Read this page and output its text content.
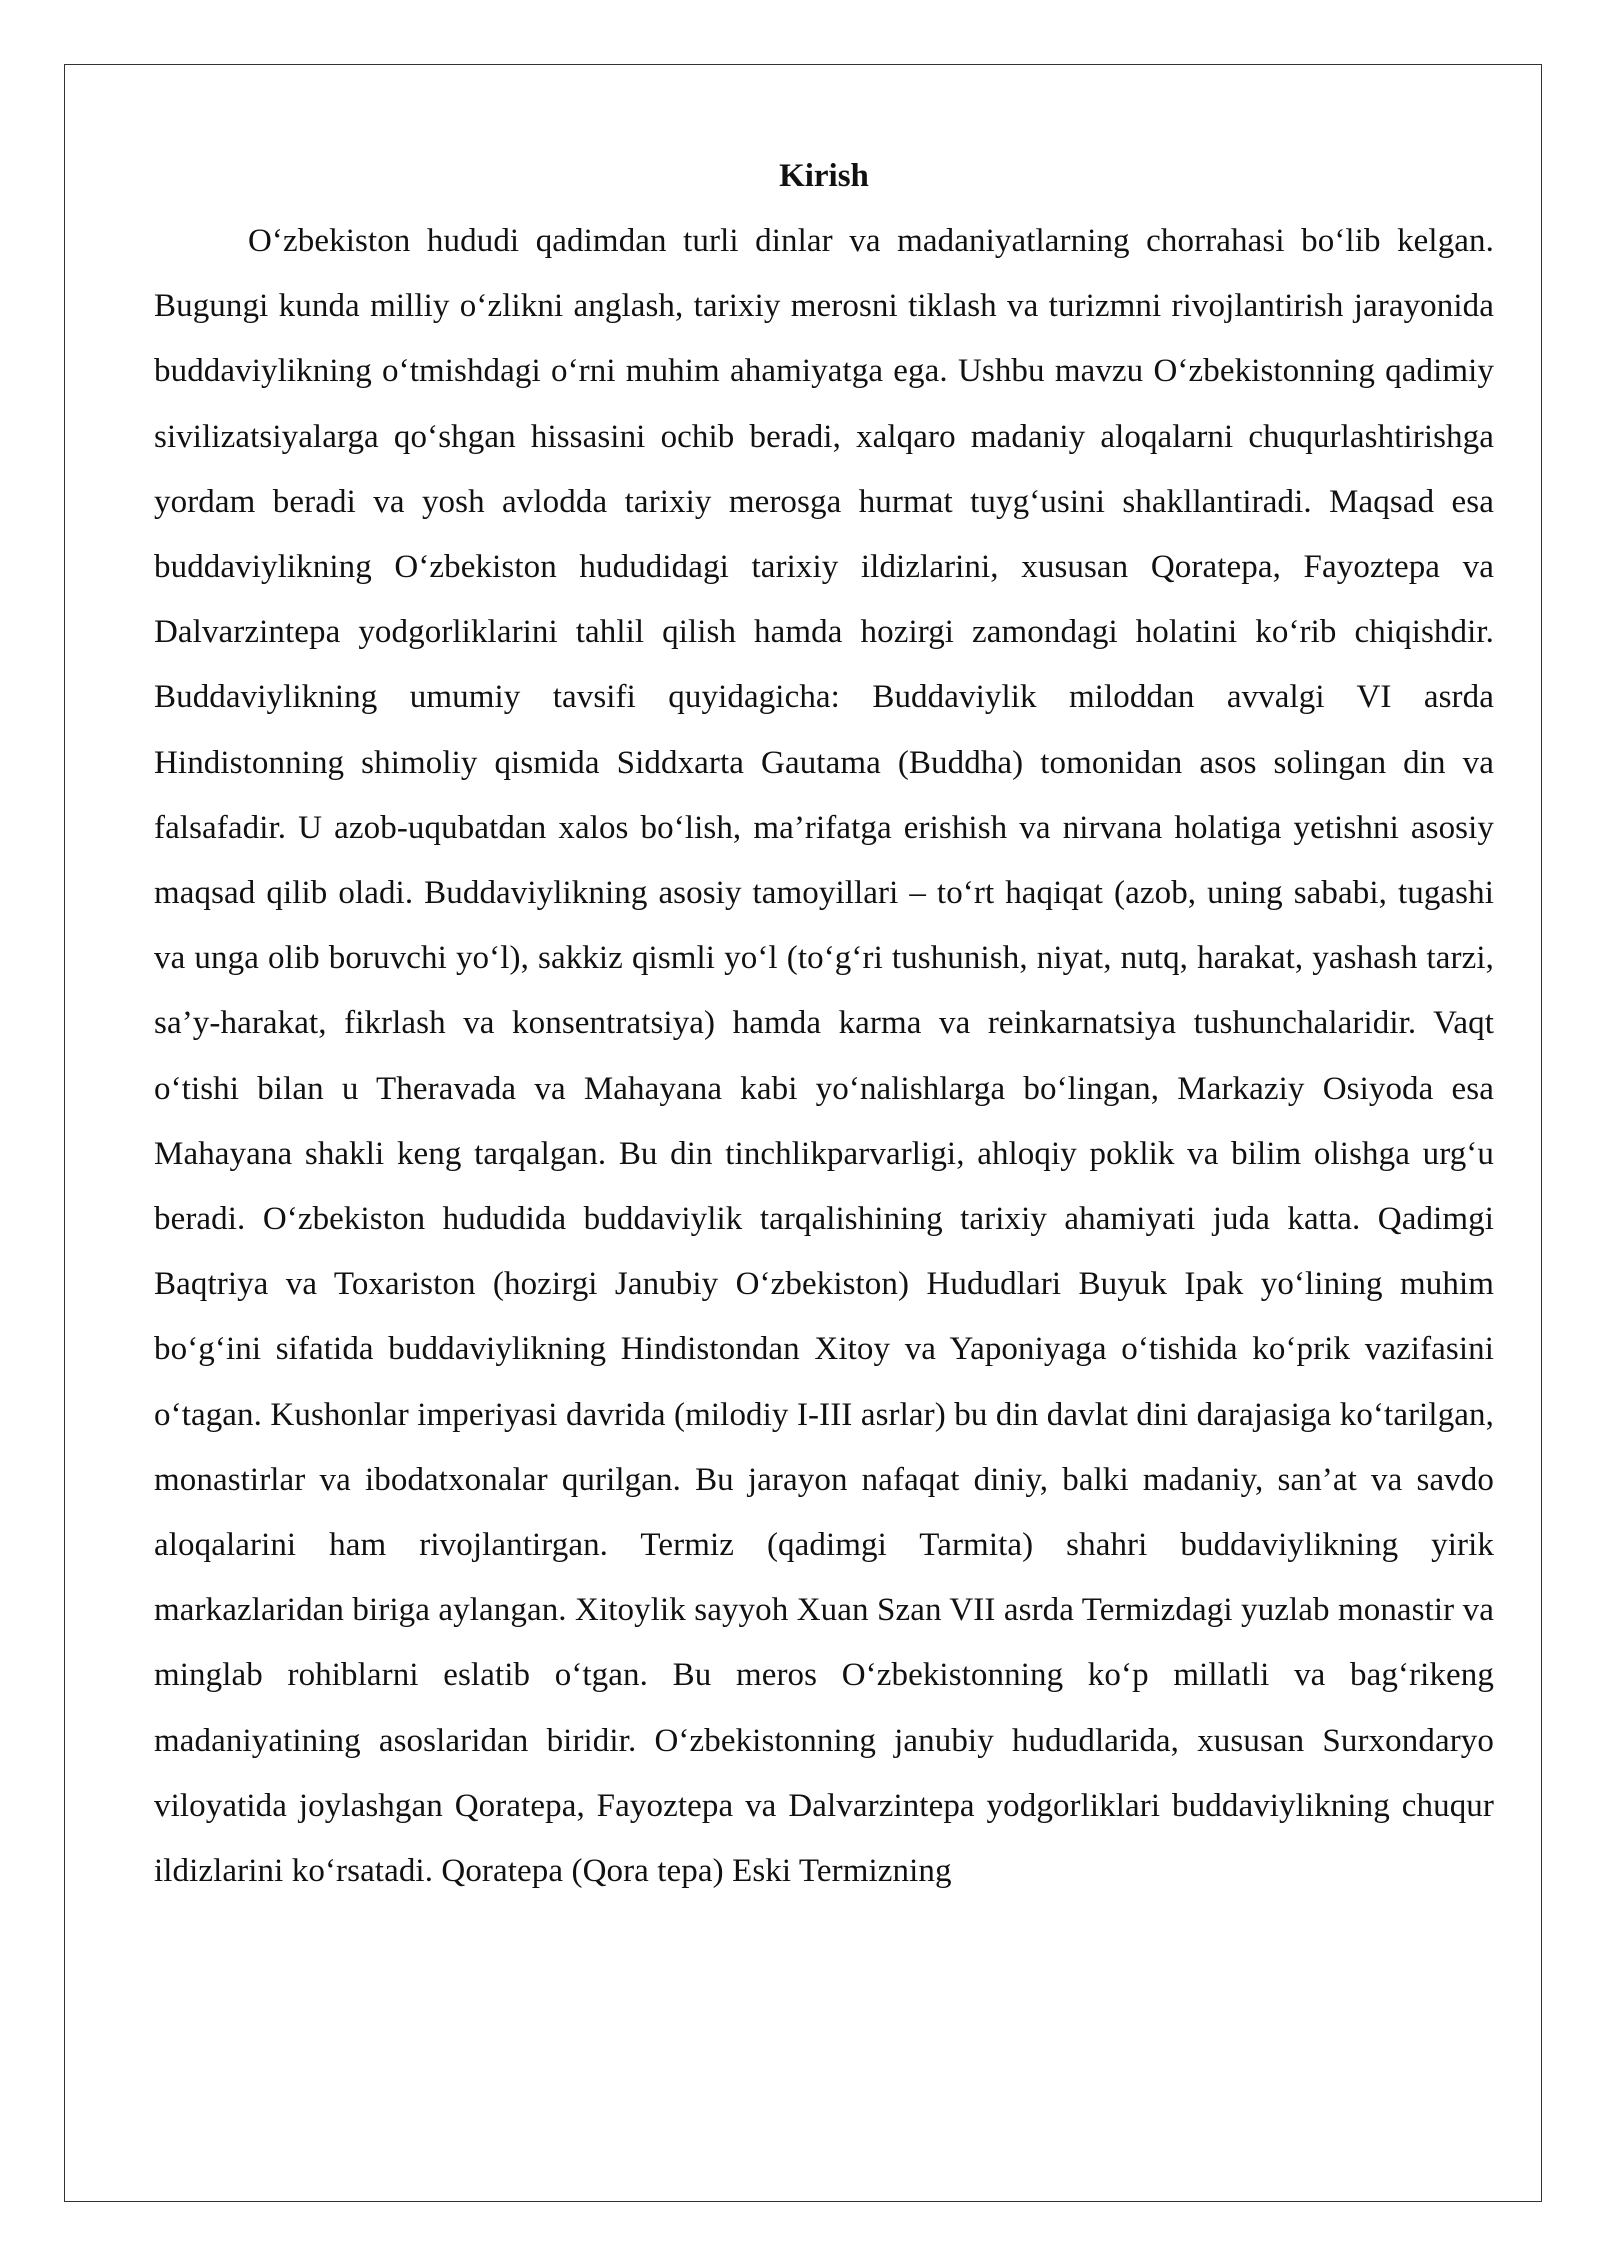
Kirish

O‘zbekiston hududi qadimdan turli dinlar va madaniyatlarning chorrahasi bo‘lib kelgan. Bugungi kunda milliy o‘zlikni anglash, tarixiy merosni tiklash va turizmni rivojlantirish jarayonida buddaviylikning o‘tmishdagi o‘rni muhim ahamiyatga ega. Ushbu mavzu O‘zbekistonning qadimiy sivilizatsiyalarga qo‘shgan hissasini ochib beradi, xalqaro madaniy aloqalarni chuqurlashtirishga yordam beradi va yosh avlodda tarixiy merosga hurmat tuyg‘usini shakllantiradi. Maqsad esa buddaviylikning O‘zbekiston hududidagi tarixiy ildizlarini, xususan Qoratepa, Fayoztepa va Dalvarzintepa yodgorliklarini tahlil qilish hamda hozirgi zamondagi holatini ko‘rib chiqishdir. Buddaviylikning umumiy tavsifi quyidagicha: Buddaviylik miloddan avvalgi VI asrda Hindistonning shimoliy qismida Siddxarta Gautama (Buddha) tomonidan asos solingan din va falsafadir. U azob-uqubatdan xalos bo‘lish, ma’rifatga erishish va nirvana holatiga yetishni asosiy maqsad qilib oladi. Buddaviylikning asosiy tamoyillari – to‘rt haqiqat (azob, uning sababi, tugashi va unga olib boruvchi yo‘l), sakkiz qismli yo‘l (to‘g‘ri tushunish, niyat, nutq, harakat, yashash tarzi, sa’y-harakat, fikrlash va konsentratsiya) hamda karma va reinkarnatsiya tushunchalaridir. Vaqt o‘tishi bilan u Theravada va Mahayana kabi yo‘nalishlarga bo‘lingan, Markaziy Osiyoda esa Mahayana shakli keng tarqalgan. Bu din tinchlikparvarligi, ahloqiy poklik va bilim olishga urg‘u beradi. O‘zbekiston hududida buddaviylik tarqalishining tarixiy ahamiyati juda katta. Qadimgi Baqtriya va Toxariston (hozirgi Janubiy O‘zbekiston) Hududlari Buyuk Ipak yo‘lining muhim bo‘g‘ini sifatida buddaviylikning Hindistondan Xitoy va Yaponiyaga o‘tishida ko‘prik vazifasini o‘tagan. Kushonlar imperiyasi davrida (milodiy I-III asrlar) bu din davlat dini darajasiga ko‘tarilgan, monastirlar va ibodatxonalar qurilgan. Bu jarayon nafaqat diniy, balki madaniy, san’at va savdo aloqalarini ham rivojlantirgan. Termiz (qadimgi Tarmita) shahri buddaviylikning yirik markazlaridan biriga aylangan. Xitoylik sayyoh Xuan Szan VII asrda Termizdagi yuzlab monastir va minglab rohiblarni eslatib o‘tgan. Bu meros O‘zbekistonning ko‘p millatli va bag‘rikeng madaniyatining asoslaridan biridir. O‘zbekistonning janubiy hududlarida, xususan Surxondaryo viloyatida joylashgan Qoratepa, Fayoztepa va Dalvarzintepa yodgorliklari buddaviylikning chuqur ildizlarini ko‘rsatadi. Qoratepa (Qora tepa) Eski Termizning
